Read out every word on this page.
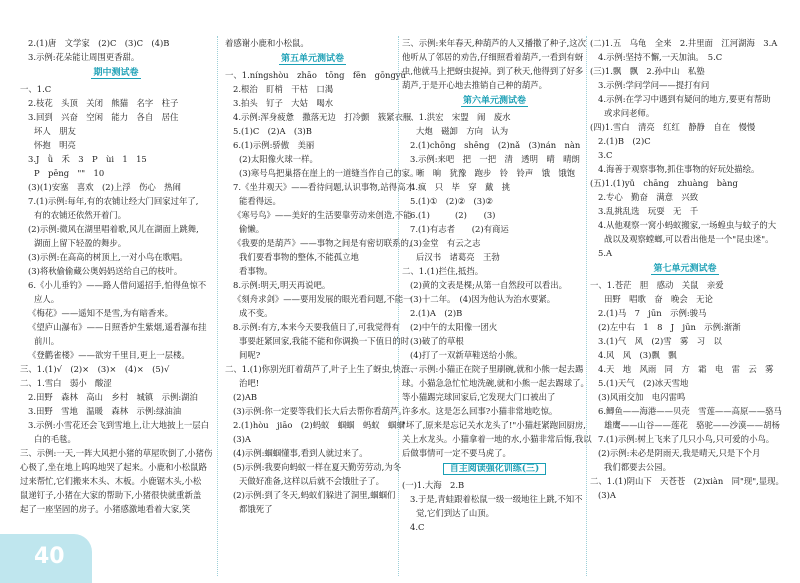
2.(1)唐　文学家　(2)C　(3)C　(4)B
3.示例:花朵能让周围更香甜。
期中测试卷
一、1.C
2.枝花　头顶　关闭　熊猫　名字　柱子
3.回到　兴奋　空闲　能力　各自　居住
坏人　朋友
怀抱　明亮
3.J　ǜ　禾　3　P　ùi　1　15
P　pēng　""　10
(3)(1)安塞　喜欢　(2)上浮　伤心　热闹
7.(1)示例:每年,有的农铺让经大门回家过年了,
有的农铺还依然开着门。
(2)示例:微风在湖里唱着歌,风儿在湖面上跳舞,
湖面上留下轻盈的舞步。
(3)示例:在高高的树顶上,一对小鸟在歌唱。
(3)将秋偷偷藏公奥妈妈送给自己的枝叶。
6.《小儿垂钓》——路人借问遥招手,怕得鱼惊不
应人。
《梅花》——遥知不是雪,为有暗香来。
《望庐山瀑布》——日照香炉生紫烟,遥看瀑布挂
前川。
《登鹳雀楼》——欲穷千里目,更上一层楼。
三、1.(1)√　(2)×　(3)×　(4)×　(5)√
二、1.雪白　弱小　酸涩
2.田野　森林　高山　乡村　城镇　示例:湖泊
3.田野　雪地　温暖　森林　示例:绿油油
3.示例:小雪花还会飞到雪地上,让大地披上一层白
白的毛毯。
三、示例:一天,一阵大风把小猪的草屋吹倒了,小猪伤
心极了,坐在地上呜呜地哭了起来。小鹿和小松鼠路
过来帮忙,它们搬来木头、木板。小鹿锯木头,小松
鼠递钉子,小猪在大家的帮助下,小猪很快就重新盖
起了一座坚固的房子。小猪感激地看着大家,笑
着感谢小鹿和小松鼠。
第五单元测试卷
一、1.níngshòu　zhāo　tōng　fēn　gōngyù
2.根治　盯梢　干枯　口渴
3.拍头　钉子　大姑　喝水
4.示例:浑身疲惫　撒落无边　打冷颤　簇紧衣服
5.(1)C　(2)A　(3)B
6.(1)示例:骄傲　美丽
(2)太阳像火球一样。
(3)寒号鸟把巢搭在崖上的一道缝当作自己的家。
7.《坐井观天》——看待问题,认识事物,站得高才
能看得远。
《寒号鸟》——美好的生活要靠劳动来创造,不能
偷懒。
《我要的是葫芦》——事物之间是有密切联系的,
我们要看事物的整体,不能孤立地
看事物。
8.示例:明天,明天再说吧。
《刻舟求剑》——要用发展的眼光看问题,不能一
成不变。
8.示例:有方,本来今天要我值日了,可我觉得有
事要赶紧回家,我能不能和你调换一下值日的时
间呢?
二、1.(1)你别光盯着葫芦了,叶子上生了蚜虫,快治一
治吧!
(2)AB
(3)示例:你一定要等我们长大后去帮你看葫芦。
2.(1)hòu　jiāo　(2)蚂蚁　蝈蝈　蚂蚁　蝈蝈
(3)A
(4)示例:蝈蝈懂事,看到人就过来了。
(5)示例:我要向蚂蚁一样在夏天勤劳劳动,为冬
天做好准备,这样以后就不会饿肚子了。
(2)示例:到了冬天,蚂蚁们躲进了洞里,蝈蝈们
都饿死了
三、示例:来年春天,种葫芦的人又播撒了种子,这次
他听从了邻居的劝告,仔细照看着葫芦,一看到有蚜
虫,他就马上把蚜虫捉掉。到了秋天,他得到了好多
葫芦,于是开心地去推销自己种的葫芦。
第六单元测试卷
一、1.洪宏　宋盟　闹　废水
大炮　磁卸　方向　认为
2.(1)chōng　shēng　(2)nǎ　(3)nán　nàn
3.示例:来吧　把　一把　清　透明　晴　晴朗
晰　晌　犹豫　跑步　铃　铃声　饿　饿饱
4.疯　只　毕　穿　戴　挑
5.(1)①　(2)②　(3)②
6.(1)　　　(2)　　(3)
7.(1)有志者　　(2)有商运
(3)金堂　有云之志
后汉书　诸葛亮　王勃
二、1.(1)拦住,抵挡。
(2)黄的文表是棵;从第一自然段可以看出。
(3)十二年。　(4)因为他认为治水要紧。
2.(1)A　(2)B
(2)中午的太阳像一团火
(3)破了的草根
(4)打了一双新草鞋送给小熊。
三、示例:小猫正在院子里刷碗,就和小熊一起去踢
球。小猫急急忙忙地洗碗,就和小熊一起去踢球了。
等小猫踢完球回家后,它发现大门口被出了
许多水。这是怎么回事?小猫非常地吃惊。
"坏了,原来是忘记关水龙头了!"小猫赶紧跑回厨房,
关上水龙头。小猫拿着一地的水,小猫非常后悔,我以
后做事情可一定不要马虎了。
自主阅读强化训练(三)
(一)1.大海　2.B
3.于是,青蛙跟着松鼠一级一级地往上跳,不知不
觉,它们到达了山顶。
4.C
(二)1.五　乌龟　全来　2.井里面　江河湖海　3.A
4.示例:坚持不懈,一天加油。　5.C
(三)1.飘　飘　2.孙中山　私塾
3.示例:学问学问——提打有问
4.示例:在学习中遇到有疑问的地方,要更有帮助
或求问老师。
(四)1.雪白　清亮　红红　静静　自在　慢慢
2.(1)B　(2)C
3.C
4.海善于观察事物,抓住事物的好玩处描绘。
(五)1.(1)yǔ　chāng　zhuàng　bàng
2.专心　勤奋　满意　兴致
3.乱挑乱选　玩耍　无　千
4.从他观察一窝小蚂蚁搬家,一场蝗虫与蚊子的大
战以及观察螳螂,可以看出他是一个"昆虫迷"。
5.A
第七单元测试卷
一、1.苍茫　胆　感动　关鼠　亲爱
田野　唱歌　奋　晚会　无论
2.(1)马　7　jūn　示例:骏马
(2)左中右　1　8　J　jūn　示例:渐渐
3.(1)气　风　(2)雪　雾　习　以
4.风　风　(3)飘　飘
4.天　地　风雨　同　方　霜　电　雷　云　雾
5.(1)天气　(2)冰天雪地
(3)风雨交加　电闪雷鸣
6.鲫鱼——海港——贝壳　雪莲——高原——骆马
雄鹰——山谷——莲花　骆驼——沙漠——胡杨
7.(1)示例:树上飞来了几只小鸟,只可爱的小鸟。
(2)示例:未必是阴雨天,我是晴天,只是下个月
我们都要去公园。
二、1.(1)阴山下　天苍苍　(2)xiàn　同"现",显现。
(3)A
40
